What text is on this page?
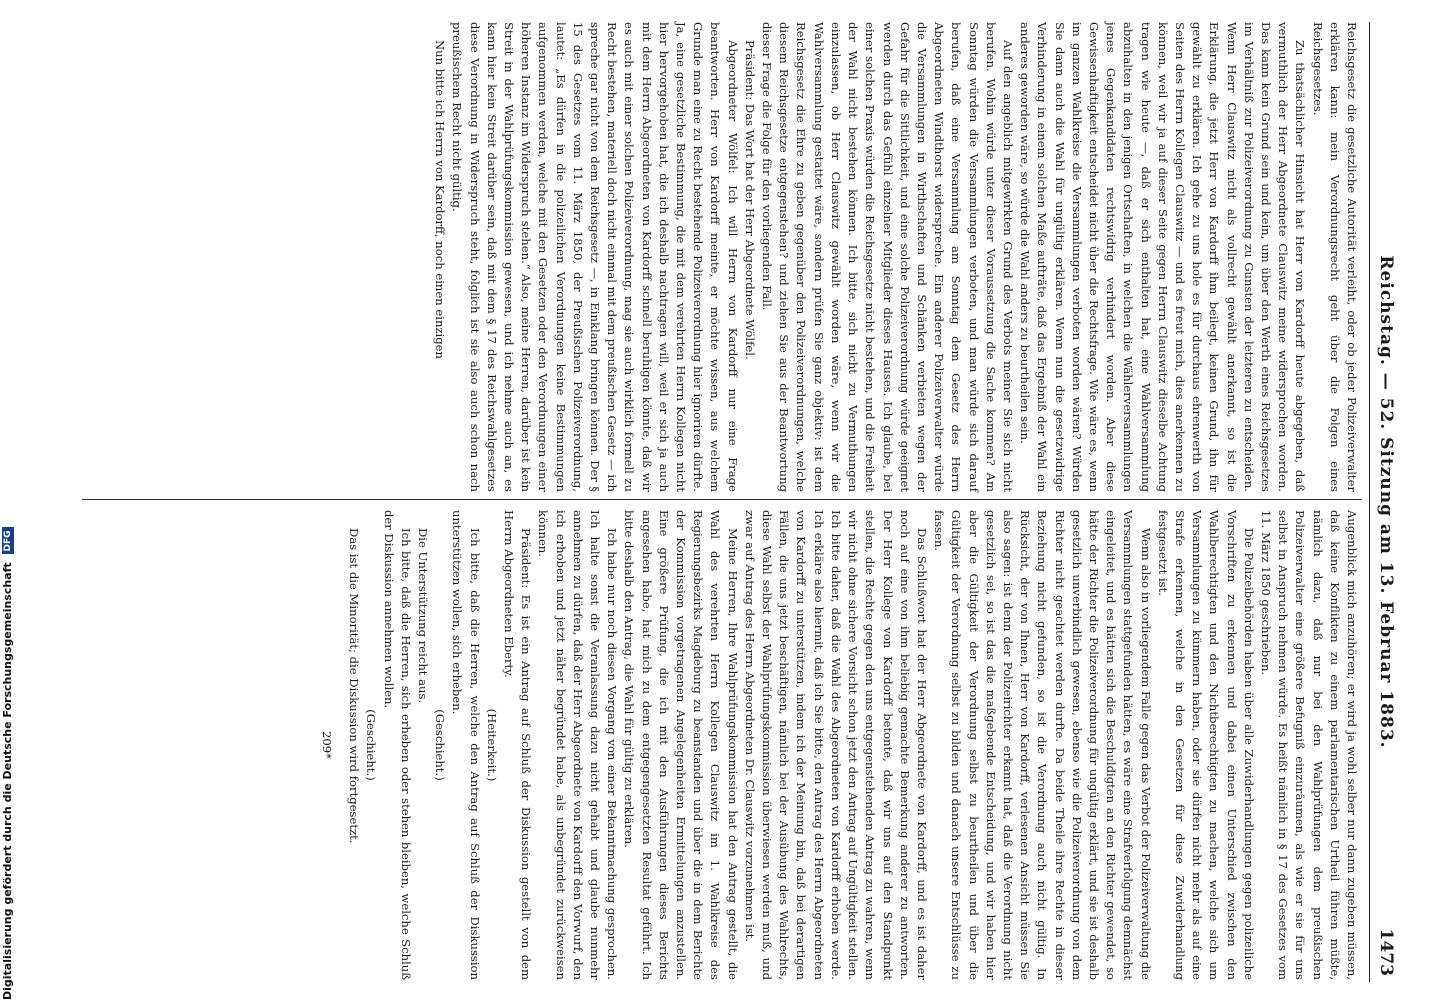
Digitalisierung gefördert durch die Deutsche Forschungsgemeinschaft DFG	Reichstag. — 52. Sitzung am 13. Februar 1883.
1473

Reichsgesetz die gesetzliche Autorität verleiht, oder ob jeder Polizeiverwalter erklären kann: mein Verordnungsrecht geht über die Folgen eines Reichsgesetzes.

Zu thatsächlicher Hinsicht hat Herr von Kardorff heute abgegeben, daß vermuthlich der Herr Abgeordnete Clauswitz meine widersprochen worden. Das kann kein Grund sein und kein, um über den Werth eines Reichsgesetzes im Verhältniß zur Polizeiverordnung zu Gunsten der letzteren zu entscheiden. Wenn Herr Clauswitz nicht als vollrecht gewählt anerkannt, so ist die Erklärung, die jetzt Herr von Kardorff ihm beilegt, keinen Grund, ihn für gewählt zu erklären. Ich gehe zu uns hole es für durchaus ehrenwerth von Seiten des Herrn Kollegen Clauswitz — und es freut mich, dies anerkennen zu können, weil wir ja auf dieser Seite gegen Herrn Clauswitz dieselbe Achtung tragen wie heute —, daß er sich enthalten hat, eine Wahlversammlung abzuhalten in den jenigen Ortschaften, in welchen die Wählerversammlungen jenes Gegenkandidaten rechtswidrig verhindert worden. Aber diese Gewissenhaftigkeit entscheidet nicht über die Rechtsfrage. Wie wäre es, wenn im ganzen Wahlkreise die Versammlungen verboten worden wären? Würden Sie dann auch die Wahl für ungültig erklären. Wenn nun die gesetzwidrige Verhinderung in einem solchen Maße aufträte, daß das Ergebniß der Wahl ein anderes geworden wäre, so würde die Wahl anders zu beurtheilen sein.

Auf den angeblich mitgewirkten Grund des Verbots meiner Sie sich nicht berufen. Wohin würde unter dieser Voraussetzung die Sache kommen? Am Sonntag würden die Versammlungen verboten, und man würde sich darauf berufen, daß eine Versammlung am Sonntag dem Gesetz des Herrn Abgeordneten Windthorst widerspreche. Ein anderer Polizeiverwalter würde die Versammlungen in Wirthschaften und Schänken verbieten wegen der Gefahr für die Sittlichkeit, und eine solche Polizeiverordnung würde geeignet werden durch das Gefühl einzelner Mitglieder dieses Hauses. Ich glaube, bei einer solchen Praxis würden die Reichsgesetze nicht bestehen, und die Freiheit der Wahl nicht bestehen können. Ich bitte, sich nicht zu Vermuthungen einzulassen, ob Herr Clauswitz gewählt worden wäre, wenn wir die Wahlversammlung gestattet wäre, sondern prüfen Sie ganz objektiv: ist dem Reichsgesetz die Ehre zu geben gegenüber den Polizeiverordnungen, welche diesem Reichsgesetze entgegenstehen? und ziehen Sie aus der Beantwortung dieser Frage die Folge für den vorliegenden Fall.

Präsident: Das Wort hat der Herr Abgeordnete Wölfel.

Abgeordneter Wölfel: Ich will Herrn von Kardorff nur eine Frage beantworten. Herr von Kardorff meinte, er möchte wissen, aus welchem Grunde man eine zu Recht bestehende Polizeiverordnung hier ignoriren dürfte. Ja, eine gesetzliche Bestimmung, die mit dem verehrten Herrn Kollegen nicht hier hervorgehoben hat, die ich deshalb nachtragen will, weil er sich ja auch mit dem Herrn Abgeordneten von Kardorff schnell beruhigen könnte, daß wir es auch mit einer solchen Polizeiverordnung, mag sie auch wirklich formell zu Recht bestehen, materiell doch nicht einmal mit dem preußischen Gesetz — ich spreche gar nicht von dem Reichsgesetz —, in Einklang bringen können. Der § 15 des Gesetzes vom 11. März 1850, der Preußischen Polizeiverordnung, lautet: „Es dürfen in die polizeilichen Verordnungen keine Bestimmungen aufgenommen werden, welche mit den Gesetzen oder den Verordnungen einer höheren Instanz im Widerspruch stehen.“ Also, meine Herren, darüber ist kein Streit in der Wahlprüfungskommission gewesen, und ich nehme auch an, es kann hier kein Streit darüber sein, daß mit dem § 17 des Reichswahlgesetzes diese Verordnung in Widerspruch steht, folglich ist sie also auch schon nach preußischem Recht nicht gültig.

Nun bitte ich Herrn von Kardorff, noch einen einzigen

Augenblick mich anzuhören; er wird ja wohl selber nur dann zugeben müssen, daß keine Konflikten zu einem parlamentarischen Urtheil führen müßte, nämlich dazu, daß nur bei den Wahlprüfungen dem preußischen Polizeiverwalter eine größere Befugniß einzuräumen, als wie er sie für uns selbst in Anspruch nehmen würde. Es heißt nämlich in § 17 des Gesetzes vom 11. März 1850 geschrieben.

Die Polizeibehörden haben über alle Zuwiderhandlungen gegen polizeiliche Vorschriften zu erkennen und dabei einen Unterschied zwischen den Wahlberechtigten und den Nichtberechtigten zu machen, welche sich um Versammlungen zu kümmern haben, oder sie dürfen nicht mehr als auf eine Strafe erkennen, welche in den Gesetzen für diese Zuwiderhandlung festgesetzt ist.

Wenn also in vorliegendem Falle gegen das Verbot der Polizeiverwaltung die Versammlungen stattgefunden hätten, es wäre eine Strafverfolgung demnächst eingeleitet, und es hätten sich die Beschuldigten an den Richter gewendet, so hätte der Richter die Polizeiverordnung für ungültig erklärt, und sie ist deshalb gesetzlich unverbindlich gewesen, ebenso wie die Polizeiverordnung von dem Richter nicht geachtet werden durfte. Da beide Theile ihre Rechte in dieser Beziehung nicht gefunden, so ist die Verordnung auch nicht gültig. In Rücksicht, der von Ihnen, Herr von Kardorff, verlesenen Ansicht müssen Sie also sagen: ist denn der Polizeirichter erkannt hat, daß die Verordnung nicht gesetzlich sei, so ist das die maßgebende Entscheidung, und wir haben hier aber die Gültigkeit der Verordnung selbst zu beurtheilen und über die Gültigkeit der Verordnung selbst zu bilden und danach unsere Entschlüsse zu fassen.

Das Schlußwort hat der Herr Abgeordnete von Kardorff, und es ist daher noch auf eine von ihm beliebig gemachte Bemerkung anderer zu antworten. Der Herr Kollege von Kardorff betonte, daß wir uns auf den Standpunkt stellen, die Rechte gegen den uns entgegenstehenden Antrag zu wahren, wenn wir nicht ohne sichere Vorsicht schon jetzt den Antrag auf Ungültigkeit stellen. Ich bitte daher, daß die Wahl des Abgeordneten von Kardorff erhoben werde. Ich erkläre also hiermit, daß ich Sie bitte, den Antrag des Herrn Abgeordneten von Kardorff zu unterstützen, indem ich der Meinung bin, daß bei derartigen Fällen, die uns jetzt beschäftigen, nämlich bei der Ausübung des Wahlrechts, diese Wahl selbst der Wahlprüfungskommission überwiesen werden muß, und zwar auf Antrag des Herrn Abgeordneten Dr. Clauswitz vorzunehmen ist.

Meine Herren, Ihre Wahlprüfungskommission hat den Antrag gestellt, die Wahl des verehrten Herrn Kollegen Clauswitz im 1. Wahlkreise des Regierungsbezirks Magdeburg zu beanstanden und über die in dem Berichte der Kommission vorgetragenen Angelegenheiten Ermittelungen anzustellen. Eine größere Prüfung, die ich mit den Ausführungen dieses Berichts angesehen habe, hat mich zu dem entgegengesetzten Resultat geführt. Ich bitte deshalb den Antrag, die Wahl für gültig zu erklären.

Ich habe nur noch diesen Vorgang von einer Bekanntmachung gesprochen. Ich halte sonst die Veranlassung dazu nicht gehabt und glaube nunmehr annehmen zu dürfen, daß der Herr Abgeordnete von Kardorff den Vorwurf, den ich erhoben und jetzt näher begründet habe, als unbegründet zurückweisen können.

Präsident: Es ist ein Antrag auf Schluß der Diskussion gestellt von dem Herrn Abgeordneten Eberty.

(Heiterkeit.)

Ich bitte, daß die Herren, welche den Antrag auf Schluß der Diskussion unterstützen wollen, sich erheben.

(Geschieht.)

Die Unterstützung reicht aus.

Ich bitte, daß die Herren, sich erheben oder stehen bleiben, welche Schluß der Diskussion annehmen wollen.

(Geschieht.)

Das ist die Minorität; die Diskussion wird fortgesetzt.

209*
